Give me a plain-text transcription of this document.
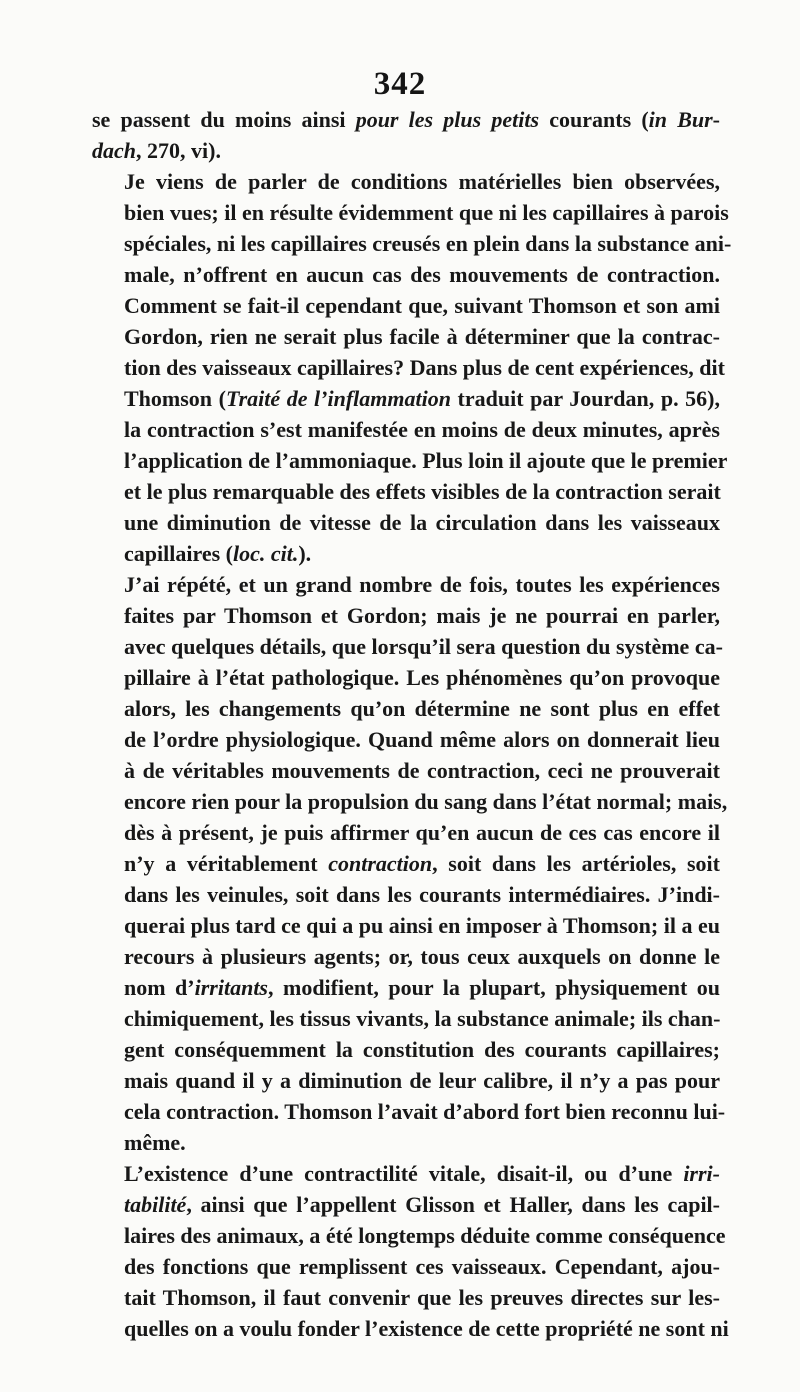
342

se passent du moins ainsi pour les plus petits courants (in Bur-
dach, 270, vi).

Je viens de parler de conditions matérielles bien observées,
bien vues; il en résulte évidemment que ni les capillaires à parois
spéciales, ni les capillaires creusés en plein dans la substance ani-
male, n’offrent en aucun cas des mouvements de contraction.
Comment se fait-il cependant que, suivant Thomson et son ami
Gordon, rien ne serait plus facile à déterminer que la contrac-
tion des vaisseaux capillaires? Dans plus de cent expériences, dit
Thomson (Traité de l’inflammation traduit par Jourdan, p. 56),
la contraction s’est manifestée en moins de deux minutes, après
l’application de l’ammoniaque. Plus loin il ajoute que le premier
et le plus remarquable des effets visibles de la contraction serait
une diminution de vitesse de la circulation dans les vaisseaux
capillaires (loc. cit.).

J’ai répété, et un grand nombre de fois, toutes les expériences
faites par Thomson et Gordon; mais je ne pourrai en parler,
avec quelques détails, que lorsqu’il sera question du système ca-
pillaire à l’état pathologique. Les phénomènes qu’on provoque
alors, les changements qu’on détermine ne sont plus en effet
de l’ordre physiologique. Quand même alors on donnerait lieu
à de véritables mouvements de contraction, ceci ne prouverait
encore rien pour la propulsion du sang dans l’état normal; mais,
dès à présent, je puis affirmer qu’en aucun de ces cas encore il
n’y a véritablement contraction, soit dans les artérioles, soit
dans les veinules, soit dans les courants intermédiaires. J’indi-
querai plus tard ce qui a pu ainsi en imposer à Thomson; il a eu
recours à plusieurs agents; or, tous ceux auxquels on donne le
nom d’irritants, modifient, pour la plupart, physiquement ou
chimiquement, les tissus vivants, la substance animale; ils chan-
gent conséquemment la constitution des courants capillaires;
mais quand il y a diminution de leur calibre, il n’y a pas pour
cela contraction. Thomson l’avait d’abord fort bien reconnu lui-
même.

L’existence d’une contractilité vitale, disait-il, ou d’une irri-
tabilité, ainsi que l’appellent Glisson et Haller, dans les capil-
laires des animaux, a été longtemps déduite comme conséquence
des fonctions que remplissent ces vaisseaux. Cependant, ajou-
tait Thomson, il faut convenir que les preuves directes sur les-
quelles on a voulu fonder l’existence de cette propriété ne sont ni
